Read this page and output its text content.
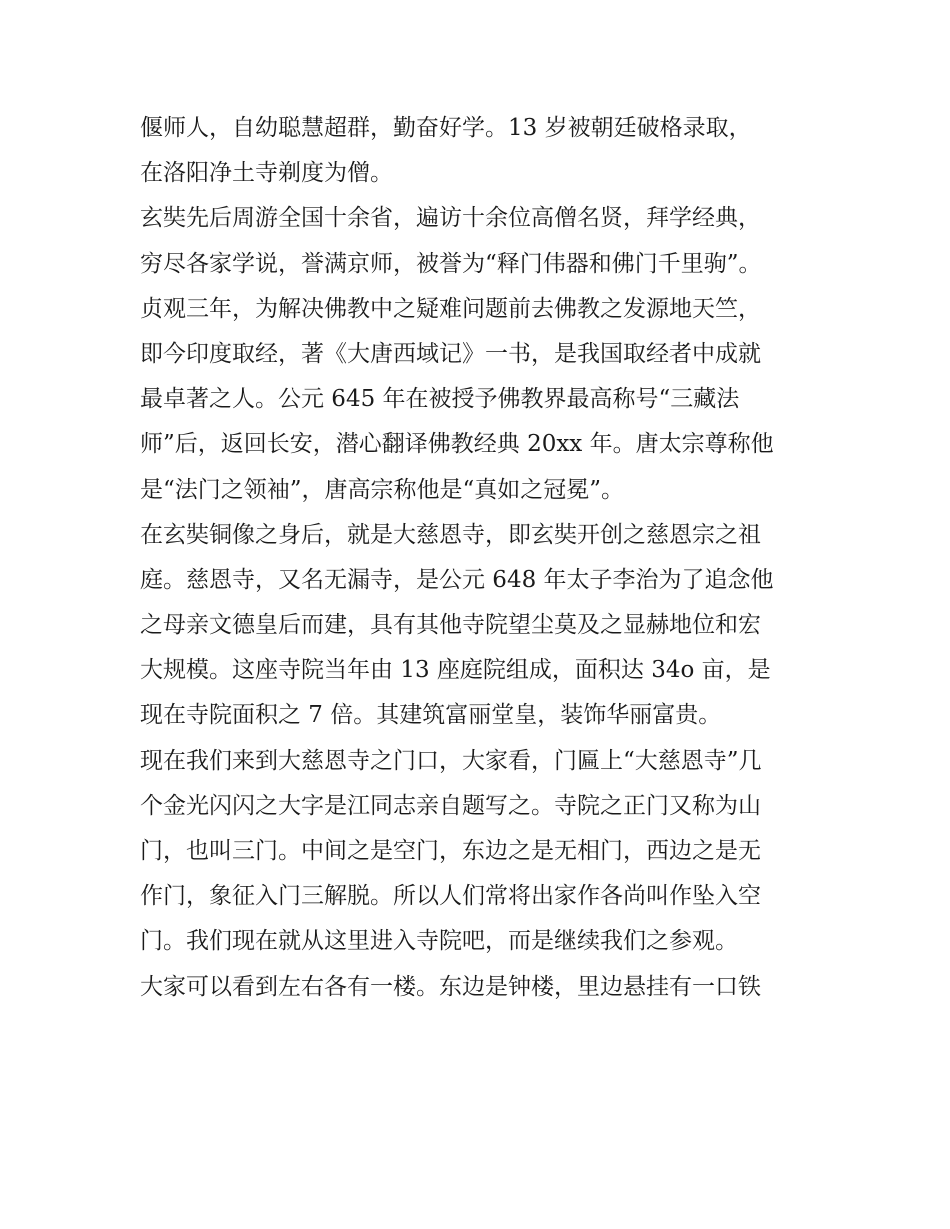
偃师人，自幼聪慧超群，勤奋好学。13 岁被朝廷破格录取，
在洛阳净土寺剃度为僧。
玄奘先后周游全国十余省，遍访十余位高僧名贤，拜学经典，
穷尽各家学说，誉满京师，被誉为“释门伟器和佛门千里驹”。
贞观三年，为解决佛教中之疑难问题前去佛教之发源地天竺，
即今印度取经，著《大唐西域记》一书，是我国取经者中成就
最卓著之人。公元 645 年在被授予佛教界最高称号“三藏法
师”后，返回长安，潜心翻译佛教经典 20xx 年。唐太宗尊称他
是“法门之领袖”，唐高宗称他是“真如之冠冕”。
在玄奘铜像之身后，就是大慈恩寺，即玄奘开创之慈恩宗之祖
庭。慈恩寺，又名无漏寺，是公元 648 年太子李治为了追念他
之母亲文德皇后而建，具有其他寺院望尘莫及之显赫地位和宏
大规模。这座寺院当年由 13 座庭院组成，面积达 34o 亩，是
现在寺院面积之 7 倍。其建筑富丽堂皇，装饰华丽富贵。
现在我们来到大慈恩寺之门口，大家看，门匾上“大慈恩寺”几
个金光闪闪之大字是江同志亲自题写之。寺院之正门又称为山
门，也叫三门。中间之是空门，东边之是无相门，西边之是无
作门，象征入门三解脱。所以人们常将出家作各尚叫作坠入空
门。我们现在就从这里进入寺院吧，而是继续我们之参观。
大家可以看到左右各有一楼。东边是钟楼，里边悬挂有一口铁
